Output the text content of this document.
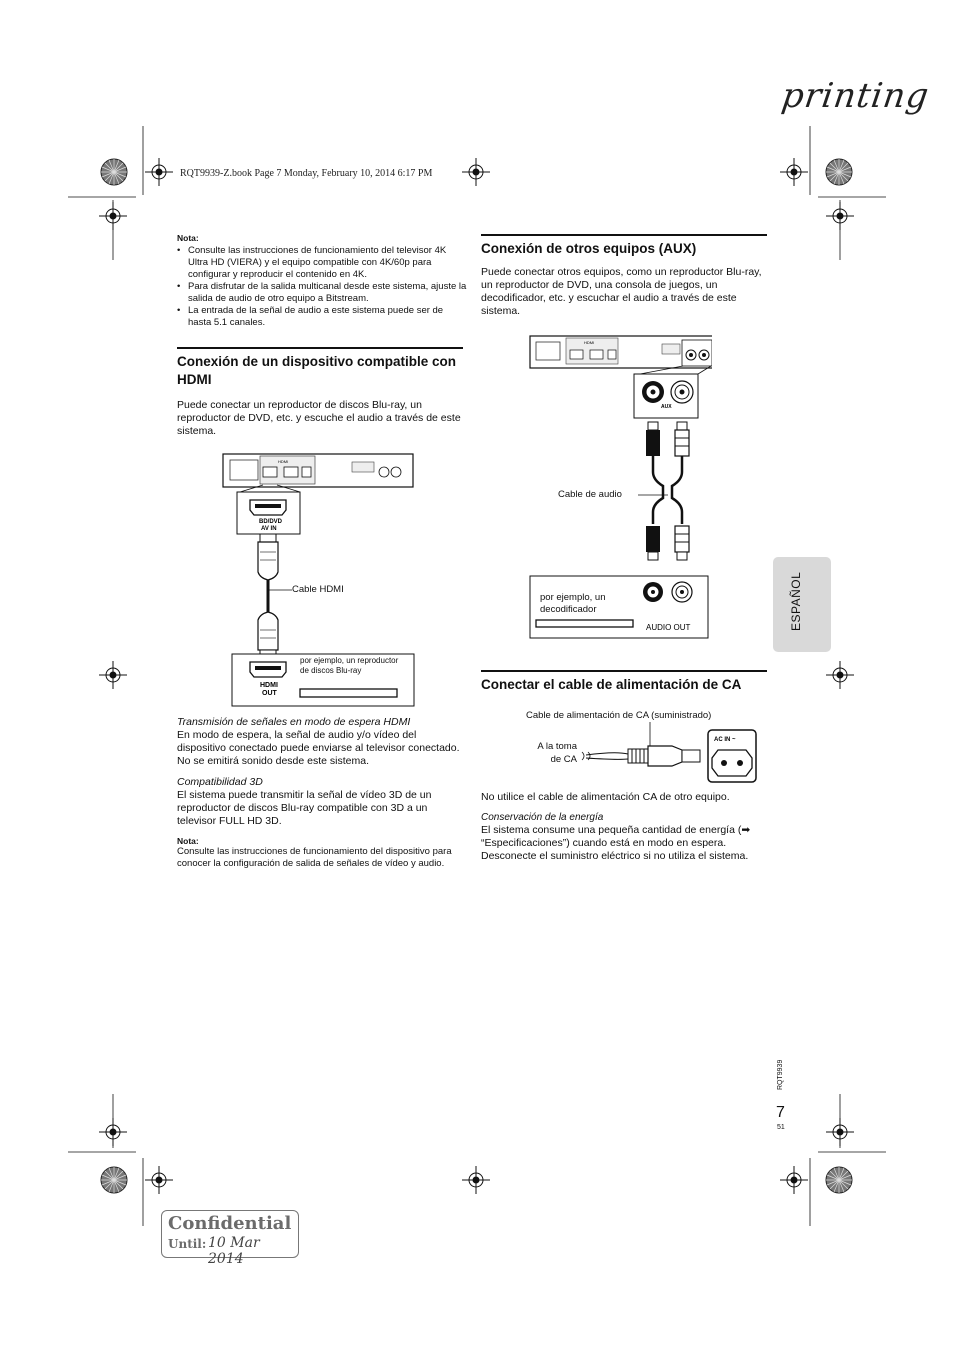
printing
RQT9939-Z.book Page 7 Monday, February 10, 2014 6:17 PM
Nota:
• Consulte las instrucciones de funcionamiento del televisor 4K Ultra HD (VIERA) y el equipo compatible con 4K/60p para configurar y reproducir el contenido en 4K.
• Para disfrutar de la salida multicanal desde este sistema, ajuste la salida de audio de otro equipo a Bitstream.
• La entrada de la señal de audio a este sistema puede ser de hasta 5.1 canales.
Conexión de un dispositivo compatible con HDMI
Puede conectar un reproductor de discos Blu-ray, un reproductor de DVD, etc. y escuche el audio a través de este sistema.
HDMI
BD/DVD
AV IN
HDMI
OUT
Cable HDMI
por ejemplo, un reproductor de discos Blu-ray
Transmisión de señales en modo de espera HDMI
En modo de espera, la señal de audio y/o vídeo del dispositivo conectado puede enviarse al televisor conectado. No se emitirá sonido desde este sistema.
Compatibilidad 3D
El sistema puede transmitir la señal de vídeo 3D de un reproductor de discos Blu-ray compatible con 3D a un televisor FULL HD 3D.
Nota:
Consulte las instrucciones de funcionamiento del dispositivo para conocer la configuración de salida de señales de vídeo y audio.
Conexión de otros equipos (AUX)
Puede conectar otros equipos, como un reproductor Blu-ray, un reproductor de DVD, una consola de juegos, un decodificador, etc. y escuchar el audio a través de este sistema.
HDMI
AUX
AUDIO OUT
Cable de audio
por ejemplo, un decodificador
Conectar el cable de alimentación de CA
Cable de alimentación de CA (suministrado)
A la toma
de CA
AC IN ~
No utilice el cable de alimentación CA de otro equipo.
Conservación de la energía
El sistema consume una pequeña cantidad de energía (➡ “Especificaciones”) cuando está en modo en espera. Desconecte el suministro eléctrico si no utiliza el sistema.
ESPAÑOL
RQT9939
7
51
Confidential
Until: 10 Mar 2014
